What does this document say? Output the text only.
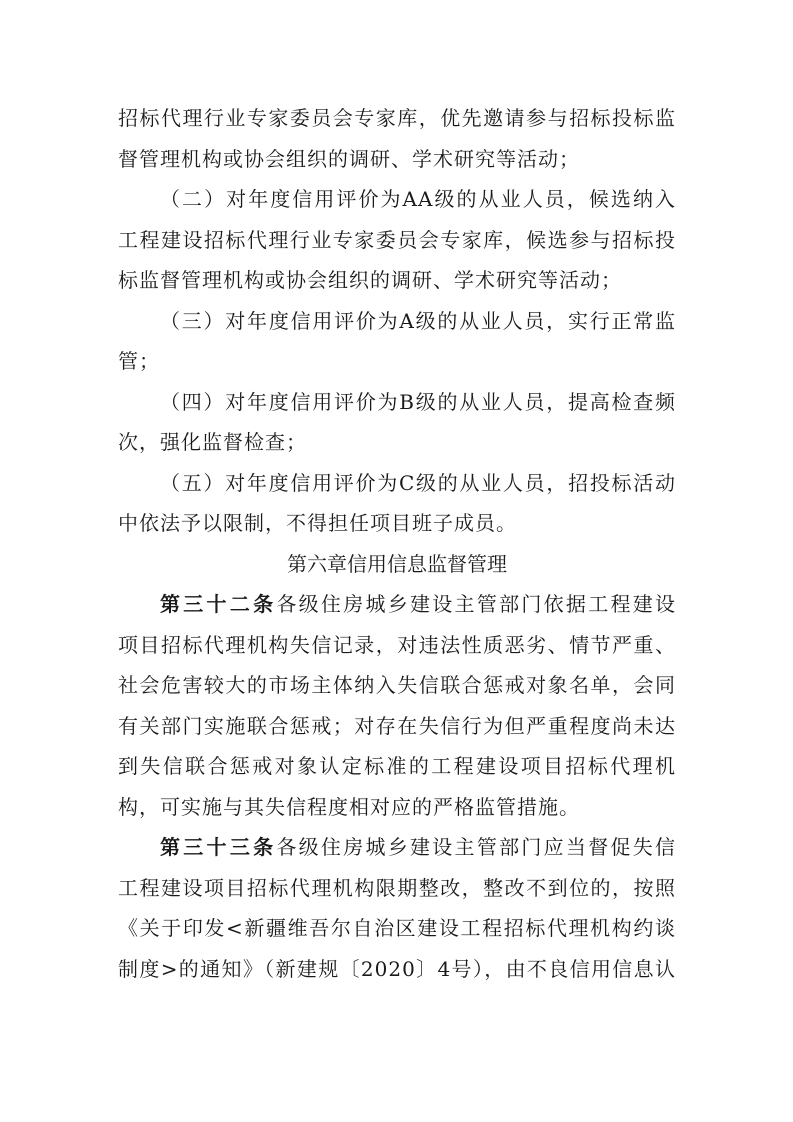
招标代理行业专家委员会专家库，优先邀请参与招标投标监
督管理机构或协会组织的调研、学术研究等活动；
（二）对年度信用评价为AA级的从业人员，候选纳入
工程建设招标代理行业专家委员会专家库，候选参与招标投
标监督管理机构或协会组织的调研、学术研究等活动；
（三）对年度信用评价为A级的从业人员，实行正常监
管；
（四）对年度信用评价为B级的从业人员，提高检查频
次，强化监督检查；
（五）对年度信用评价为C级的从业人员，招投标活动
中依法予以限制，不得担任项目班子成员。
第六章信用信息监督管理
第三十二条各级住房城乡建设主管部门依据工程建设
项目招标代理机构失信记录，对违法性质恶劣、情节严重、
社会危害较大的市场主体纳入失信联合惩戒对象名单，会同
有关部门实施联合惩戒；对存在失信行为但严重程度尚未达
到失信联合惩戒对象认定标准的工程建设项目招标代理机
构，可实施与其失信程度相对应的严格监管措施。
第三十三条各级住房城乡建设主管部门应当督促失信
工程建设项目招标代理机构限期整改，整改不到位的，按照
《关于印发<新疆维吾尔自治区建设工程招标代理机构约谈
制度>的通知》（新建规〔2020〕4号），由不良信用信息认
